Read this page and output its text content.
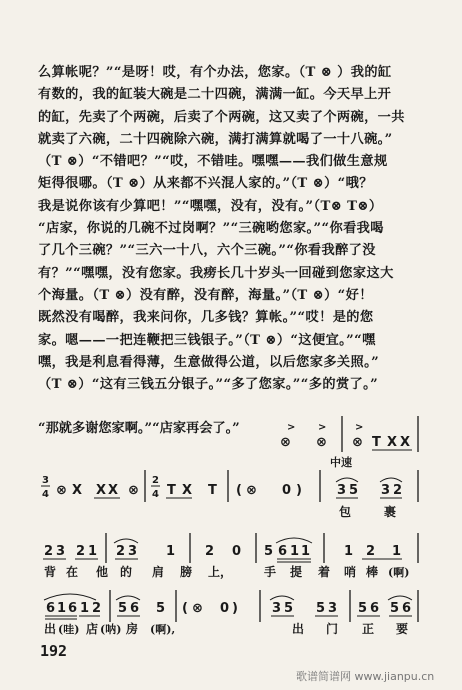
么算帐呢？”“是呀！哎，有个办法，您家。（T ⊗ ）我的缸
有数的，我的缸装大碗是二十四碗，满满一缸。今天早上开
的缸，先卖了个两碗，后卖了个两碗，这又卖了个两碗，一共
就卖了六碗，二十四碗除六碗，满打满算就喝了一十八碗。”
（T ⊗）“不错吧？”“哎，不错哇。嘿嘿——我们做生意规
矩得很哪。（T ⊗）从来都不兴混人家的。”（T ⊗）“哦？
我是说你该有少算吧！”“嘿嘿，没有，没有。”（T⊗ T⊗）
“店家，你说的几碗不过岗啊？”“三碗哟您家。”“你看我喝
了几个三碗？”“三六一十八，六个三碗。”“你看我醉了没
有？”“嘿嘿，没有您家。我痨长几十岁头一回碰到您家这大
个海量。（T ⊗）没有醉，没有醉，海量。”（T ⊗）“好！
既然没有喝醉，我来问你，几多钱？算帐。”“哎！是的您
家。嗯——一把连鞭把三钱银子。”（T ⊗）“这便宜。”“嘿
嘿，我是利息看得薄，生意做得公道，以后您家多关照。”
（T ⊗）“这有三钱五分银子。”“多了您家。”“多的赏了。”
“那就多谢您家啊。”“店家再会了。”	> >	>
⊗ ⊗ ⊗ T X X
3
4 ⊗ X X X ⊗
2
4 T X T ( ⊗ 0 )
中速
3 5 3 2
包	裹
2 3 2 1 2 3 1 2 0 5 6 1 1	1 2 1
背 在 他 的 肩 膀 上，	手 提 着 哨 棒 (啊)
6 1 6 1 2 5 6 5 ( ⊗ 0 )	3 5 5 3 5 6 5 6
出 (哇) 店 (呐) 房 (啊),	出 门 正 要
192
歌谱简谱网 www.jianpu.cn
